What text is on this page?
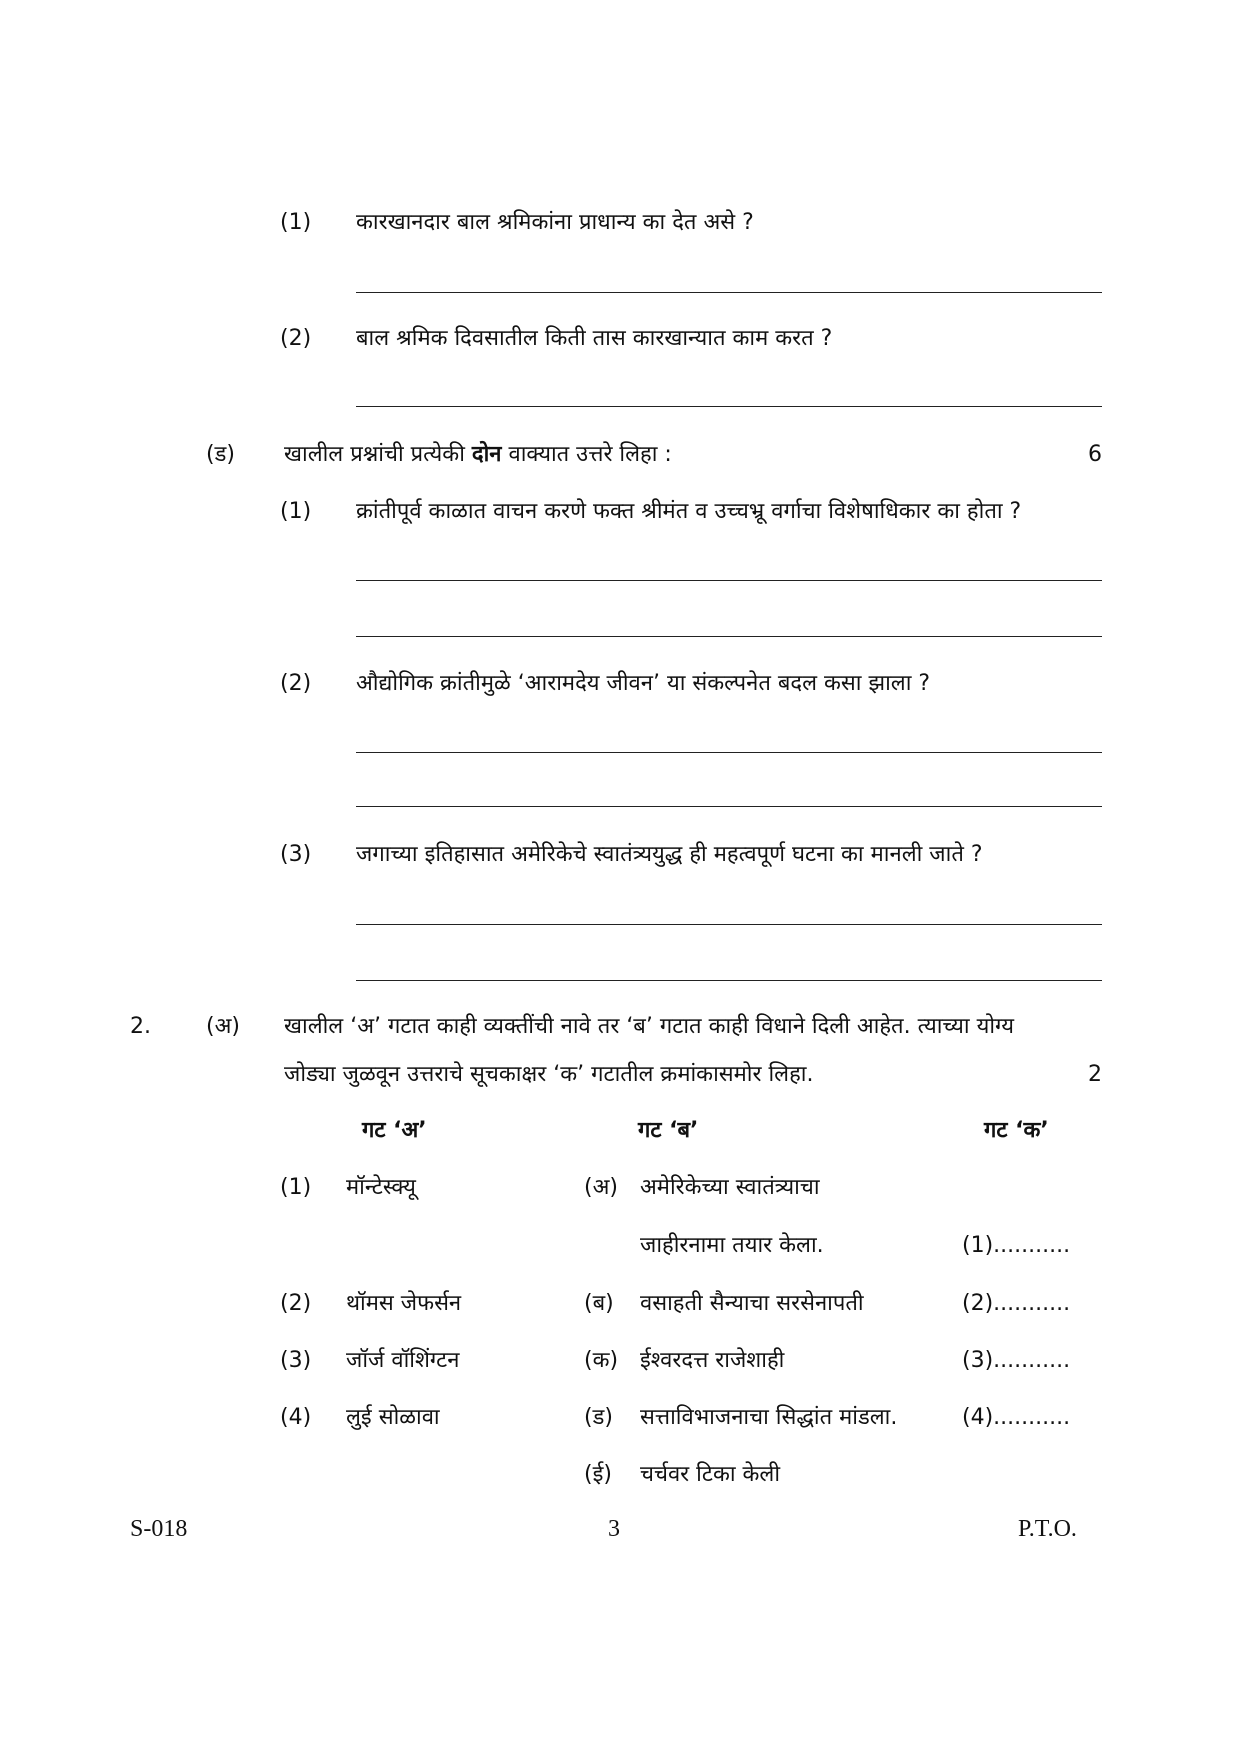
(1) कारखानदार बाल श्रमिकांना प्राधान्य का देत असे ?
(2) बाल श्रमिक दिवसातील किती तास कारखान्यात काम करत ?
(ड) खालील प्रश्नांची प्रत्येकी दोन वाक्यात उत्तरे लिहा :	6
(1) क्रांतीपूर्व काळात वाचन करणे फक्त श्रीमंत व उच्चभ्रू वर्गाचा विशेषाधिकार का होता ?
(2) औद्योगिक क्रांतीमुळे ‘आरामदेय जीवन’ या संकल्पनेत बदल कसा झाला ?
(3) जगाच्या इतिहासात अमेरिकेचे स्वातंत्र्ययुद्ध ही महत्वपूर्ण घटना का मानली जाते ?
2.	(अ) खालील ‘अ’ गटात काही व्यक्तींची नावे तर ‘ब’ गटात काही विधाने दिली आहेत. त्याच्या योग्य
जोड्या जुळवून उत्तराचे सूचकाक्षर ‘क’ गटातील क्रमांकासमोर लिहा.	2
गट ‘अ’	गट ‘ब’	गट ‘क’
(1) मॉन्टेस्क्यू	(अ) अमेरिकेच्या स्वातंत्र्याचा
जाहीरनामा तयार केला.	(1)...........
(2) थॉमस जेफर्सन	(ब) वसाहती सैन्याचा सरसेनापती	(2)...........
(3) जॉर्ज वॉशिंग्टन	(क) ईश्वरदत्त राजेशाही	(3)...........
(4) लुई सोळावा	(ड) सत्ताविभाजनाचा सिद्धांत मांडला.	(4)...........
(ई) चर्चवर टिका केली
S-018	3	P.T.O.
